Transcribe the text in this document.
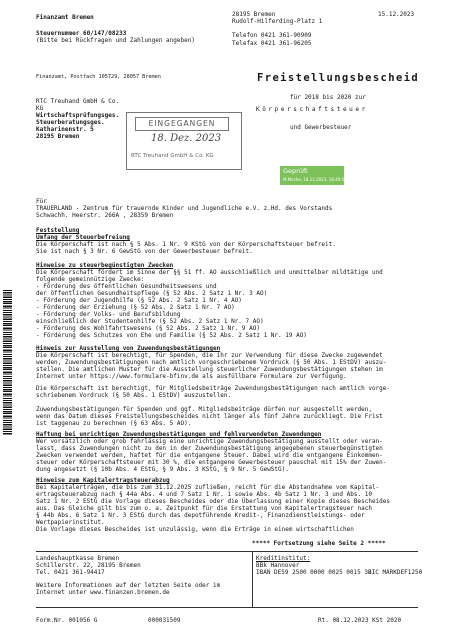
Finanzamt Bremen	28195 Bremen
Rudolf-Hilferding-Platz 1
15.12.2023
Steuernummer 60/147/08233
(Bitte bei Rückfragen und Zahlungen angeben)
Telefon 0421 361-90909
Telefax 0421 361-96205
Finanzamt, Postfach 105729, 28057 Bremen	Freistellungsbescheid
für 2018 bis 2020 zur
Körperschaftsteuer
und Gewerbesteuer
RTC Treuhand GmbH & Co.
KG
Wirtschaftsprüfungsges.
Steuerberatungsges.
Katharinenstr. 5
28195 Bremen
EINGEGANGEN
18. Dez. 2023
RTC Treuhand GmbH & Co. KG
Geprüft
M.Moche, 18.12.2023, 16:49:54
Für
TRAUERLAND - Zentrum für trauernde Kinder und Jugendliche e.V. z.Hd. des Vorstands
Schwachh. Heerstr. 266A , 28359 Bremen
Feststellung
Umfang der Steuerbefreiung
Die Körperschaft ist nach § 5 Abs. 1 Nr. 9 KStG von der Körperschaftsteuer befreit.
Sie ist nach § 3 Nr. 6 GewStG von der Gewerbesteuer befreit.
Hinweise zu steuerbegünstigten Zwecken

Die Körperschaft fördert im Sinne der §§ 51 ff. AO ausschließlich und unmittelbar mildtätige und

folgende gemeinnützige Zwecke:

- Förderung des öffentlichen Gesundheitswesens und

der öffentlichen Gesundheitspflege (§ 52 Abs. 2 Satz 1 Nr. 3 AO)

- Förderung der Jugendhilfe (§ 52 Abs. 2 Satz 1 Nr. 4 AO)

- Förderung der Erziehung (§ 52 Abs. 2 Satz 1 Nr. 7 AO)

- Förderung der Volks- und Berufsbildung

einschließlich der Studentenhilfe (§ 52 Abs. 2 Satz 1 Nr. 7 AO)

- Förderung des Wohlfahrtswesens (§ 52 Abs. 2 Satz 1 Nr. 9 AO)

- Förderung des Schutzes von Ehe und Familie (§ 52 Abs. 2 Satz 1 Nr. 19 AO)

Hinweis zur Ausstellung von Zuwendungsbestätigungen

Die Körperschaft ist berechtigt, für Spenden, die ihr zur Verwendung für diese Zwecke zugewendet

werden, Zuwendungsbestätigungen nach amtlich vorgeschriebenem Vordruck (§ 50 Abs. 1 EStDV) auszu-

stellen. Die amtlichen Muster für die Ausstellung steuerlicher Zuwendungsbestätigungen stehen im

Internet unter https://www.formulare-bfinv.de als ausfüllbare Formulare zur Verfügung.

Die Körperschaft ist berechtigt, für Mitgliedsbeiträge Zuwendungsbestätigungen nach amtlich vorge-

schriebenem Vordruck (§ 50 Abs. 1 EStDV) auszustellen.

Zuwendungsbestätigungen für Spenden und ggf. Mitgliedsbeiträge dürfen nur ausgestellt werden,

wenn das Datum dieses Freistellungsbescheides nicht länger als fünf Jahre zurückliegt. Die Frist

ist taggenau zu berechnen (§ 63 Abs. 5 AO).

Haftung bei unrichtigen Zuwendungsbestätigungen und fehlverwendeten Zuwendungen

Wer vorsätzlich oder grob fahrlässig eine unrichtige Zuwendungsbestätigung ausstellt oder veran-

lasst, dass Zuwendungen nicht zu den in der Zuwendungsbestätigung angegebenen steuerbegünstigten

Zwecken verwendet werden, haftet für die entgangene Steuer. Dabei wird die entgangene Einkommen-

steuer oder Körperschaftsteuer mit 30 %, die entgangene Gewerbesteuer pauschal mit 15% der Zuwen-

dung angesetzt (§ 10b Abs. 4 EStG, § 9 Abs. 3 KStG, § 9 Nr. 5 GewStG).

Hinweise zum Kapitalertragsteuerabzug

Bei Kapitalerträgen, die bis zum 31.12.2025 zufließen, reicht für die Abstandnahme vom Kapital-

ertragsteuerabzug nach § 44a Abs. 4 und 7 Satz 1 Nr. 1 sowie Abs. 4b Satz 1 Nr. 3 und Abs. 10

Satz 1 Nr. 2 EStG die Vorlage dieses Bescheides oder die Überlassung einer Kopie dieses Bescheides

aus. Das Gleiche gilt bis zum o. a. Zeitpunkt für die Erstattung von Kapitalertragsteuer nach

§ 44b Abs. 6 Satz 1 Nr. 3 EStG durch das depotführende Kredit-, Finanzdienstleistungs- oder

Wertpapierinstitut.

Die Vorlage dieses Bescheides ist unzulässig, wenn die Erträge in einem wirtschaftlichen

***** Fortsetzung siehe Seite 2 *****
Landeshauptkasse Bremen
Schillerstr. 22, 28195 Bremen
Tel. 0421 361-94417
Weitere Informationen auf der letzten Seite oder im
Internet unter www.finanzen.bremen.de
Kreditinstitut:
BBk Hannover
IBAN DE59 2500 0000 0025 0015 32
BIC MARKDEF1250
Form.Nr. 001056 G	000031509	Rt. 08.12.2023 KSt 2020
